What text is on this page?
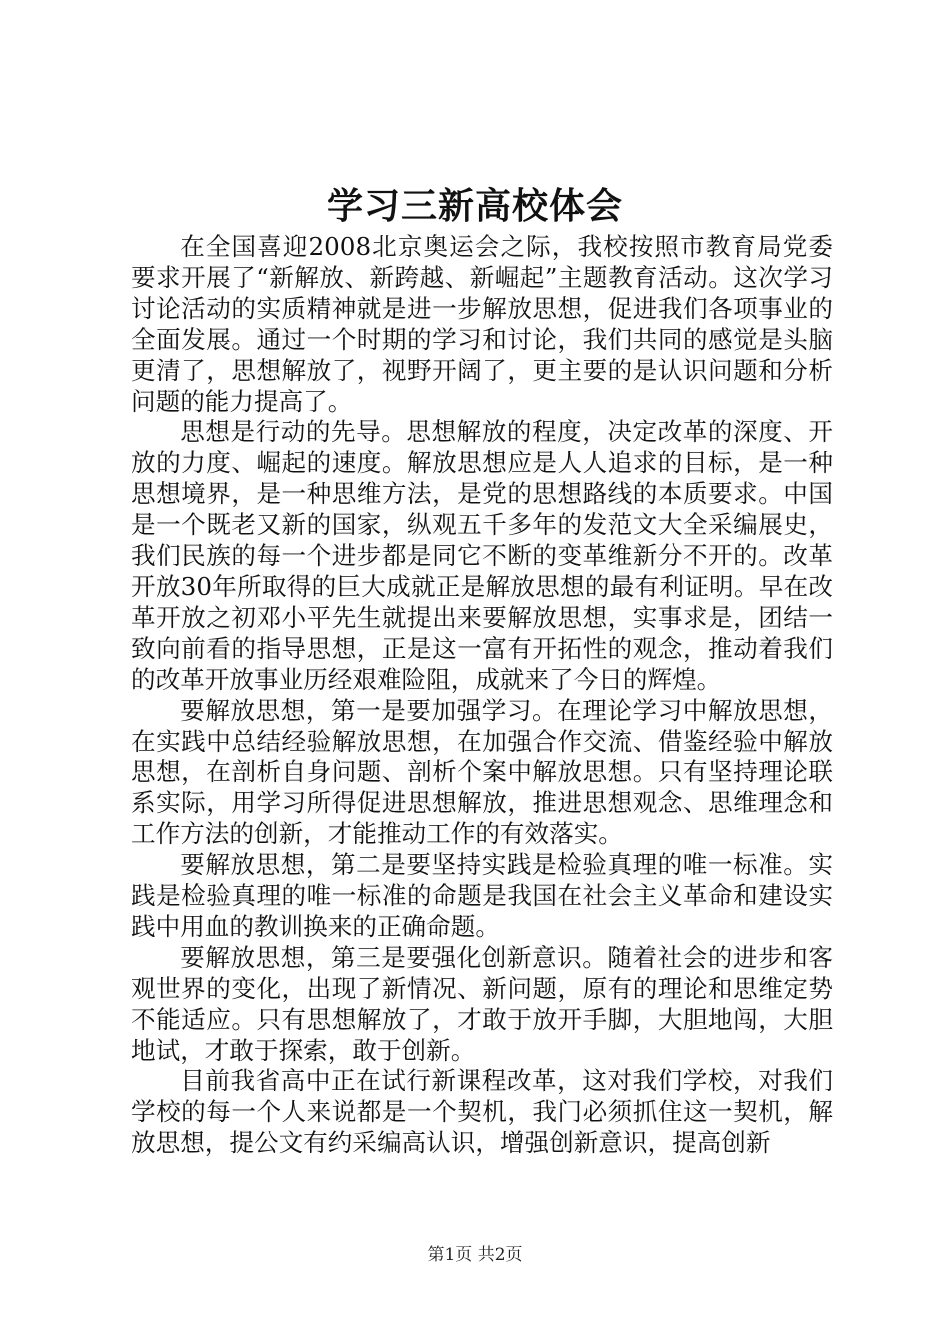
学习三新高校体会

在全国喜迎2008北京奥运会之际，我校按照市教育局党委要求开展了“新解放、新跨越、新崛起”主题教育活动。这次学习讨论活动的实质精神就是进一步解放思想，促进我们各项事业的全面发展。通过一个时期的学习和讨论，我们共同的感觉是头脑更清了，思想解放了，视野开阔了，更主要的是认识问题和分析问题的能力提高了。

思想是行动的先导。思想解放的程度，决定改革的深度、开放的力度、崛起的速度。解放思想应是人人追求的目标，是一种思想境界，是一种思维方法，是党的思想路线的本质要求。中国是一个既老又新的国家，纵观五千多年的发范文大全采编展史，我们民族的每一个进步都是同它不断的变革维新分不开的。改革开放30年所取得的巨大成就正是解放思想的最有利证明。早在改革开放之初邓小平先生就提出来要解放思想，实事求是，团结一致向前看的指导思想，正是这一富有开拓性的观念，推动着我们的改革开放事业历经艰难险阻，成就来了今日的辉煌。

要解放思想，第一是要加强学习。在理论学习中解放思想，在实践中总结经验解放思想，在加强合作交流、借鉴经验中解放思想，在剖析自身问题、剖析个案中解放思想。只有坚持理论联系实际，用学习所得促进思想解放，推进思想观念、思维理念和工作方法的创新，才能推动工作的有效落实。

要解放思想，第二是要坚持实践是检验真理的唯一标准。实践是检验真理的唯一标准的命题是我国在社会主义革命和建设实践中用血的教训换来的正确命题。

要解放思想，第三是要强化创新意识。随着社会的进步和客观世界的变化，出现了新情况、新问题，原有的理论和思维定势不能适应。只有思想解放了，才敢于放开手脚，大胆地闯，大胆地试，才敢于探索，敢于创新。

目前我省高中正在试行新课程改革，这对我们学校，对我们学校的每一个人来说都是一个契机，我门必须抓住这一契机，解放思想，提公文有约采编高认识，增强创新意识，提高创新

第1页 共2页
